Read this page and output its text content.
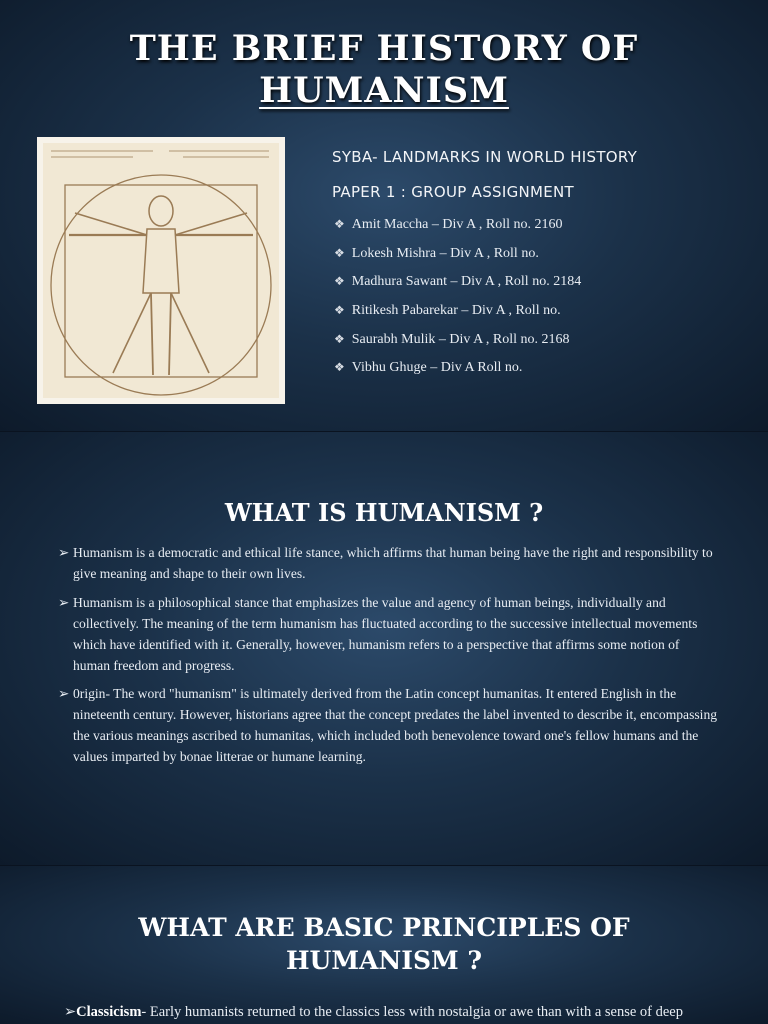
THE BRIEF HISTORY OF
HUMANISM
SYBA- LANDMARKS IN WORLD HISTORY
PAPER 1 : GROUP ASSIGNMENT
❖ Amit Maccha – Div A , Roll no. 2160
❖ Lokesh Mishra – Div A , Roll no.
❖ Madhura Sawant – Div A , Roll no. 2184
❖ Ritikesh Pabarekar – Div A , Roll no.
❖ Saurabh Mulik – Div A , Roll no. 2168
❖ Vibhu Ghuge – Div A Roll no.
WHAT IS HUMANISM ?
➢ Humanism is a democratic and ethical life stance, which affirms that human being have the right and responsibility to give meaning and shape to their own lives.
➢ Humanism is a philosophical stance that emphasizes the value and agency of human beings, individually and collectively. The meaning of the term humanism has fluctuated according to the successive intellectual movements which have identified with it. Generally, however, humanism refers to a perspective that affirms some notion of human freedom and progress.
➢ 0rigin- The word "humanism" is ultimately derived from the Latin concept humanitas. It entered English in the nineteenth century. However, historians agree that the concept predates the label invented to describe it, encompassing the various meanings ascribed to humanitas, which included both benevolence toward one's fellow humans and the values imparted by bonae litterae or humane learning.
WHAT ARE BASIC PRINCIPLES OF
HUMANISM ?
➢Classicism- Early humanists returned to the classics less with nostalgia or awe than with a sense of deep
